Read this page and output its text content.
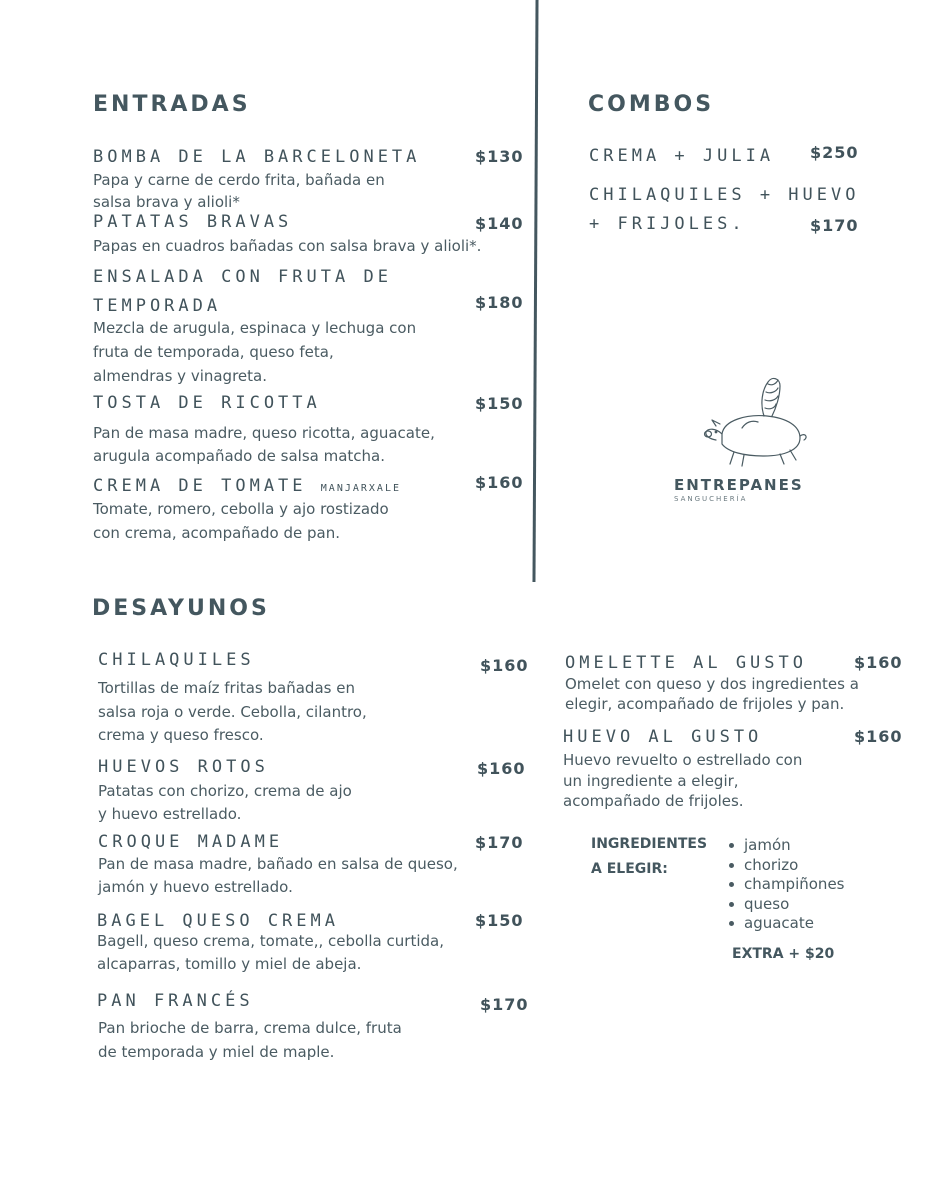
ENTRADAS
BOMBA DE LA BARCELONETA	$130
Papa y carne de cerdo frita, bañada en
salsa brava y alioli*
PATATAS BRAVAS	$140
Papas en cuadros bañadas con salsa brava y alioli*.
ENSALADA CON FRUTA DE
TEMPORADA	$180
Mezcla de arugula, espinaca y lechuga con
fruta de temporada, queso feta,
almendras y vinagreta.
TOSTA DE RICOTTA	$150
Pan de masa madre, queso ricotta, aguacate,
arugula acompañado de salsa matcha.
CREMA DE TOMATE MANJARXALE	$160
Tomate, romero, cebolla y ajo rostizado
con crema, acompañado de pan.
COMBOS
CREMA + JULIA $250
CHILAQUILES + HUEVO
+ FRIJOLES.	$170
ENTREPANES
SANGUCHERÍA
DESAYUNOS
CHILAQUILES	$160
Tortillas de maíz fritas bañadas en
salsa roja o verde. Cebolla, cilantro,
crema y queso fresco.
HUEVOS ROTOS	$160
Patatas con chorizo, crema de ajo
y huevo estrellado.
CROQUE MADAME	$170
Pan de masa madre, bañado en salsa de queso,
jamón y huevo estrellado.
BAGEL QUESO CREMA	$150
Bagell, queso crema, tomate,, cebolla curtida,
alcaparras, tomillo y miel de abeja.
PAN FRANCÉS	$170
Pan brioche de barra, crema dulce, fruta
de temporada y miel de maple.
OMELETTE AL GUSTO	$160
Omelet con queso y dos ingredientes a
elegir, acompañado de frijoles y pan.
HUEVO AL GUSTO	$160
Huevo revuelto o estrellado con
un ingrediente a elegir,
acompañado de frijoles.
INGREDIENTES
A ELEGIR:
jamón
chorizo
champiñones
queso
aguacate
EXTRA + $20
